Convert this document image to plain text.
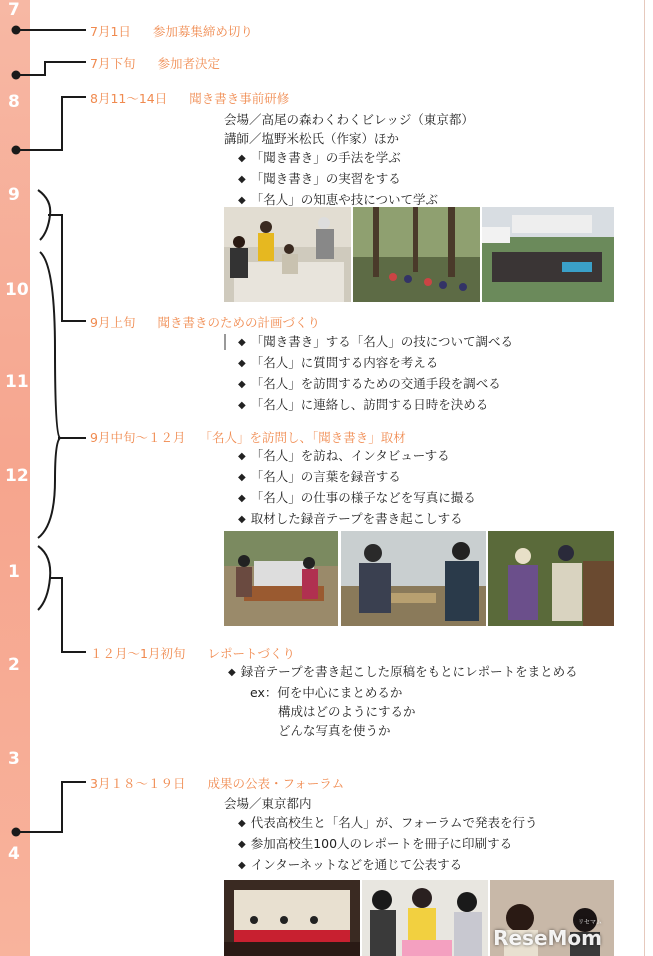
7
8
9
10
11
12
1
2
3
4
7月1日 参加募集締め切り
7月下旬 参加者決定
8月11〜14日 聞き書き事前研修
9月上旬 聞き書きのための計画づくり
9月中旬〜１２月 「名人」を訪問し、「聞き書き」取材
１２月〜1月初旬 レポートづくり
3月１８〜１９日 成果の公表・フォーラム
会場／高尾の森わくわくビレッジ（東京都）
講師／塩野米松氏（作家）ほか
◆ 「聞き書き」の手法を学ぶ
◆ 「聞き書き」の実習をする
◆ 「名人」の知恵や技について学ぶ
◆ 「聞き書き」する「名人」の技について調べる
◆ 「名人」に質問する内容を考える
◆ 「名人」を訪問するための交通手段を調べる
◆ 「名人」に連絡し、訪問する日時を決める
◆ 「名人」を訪ね、インタビューする
◆ 「名人」の言葉を録音する
◆ 「名人」の仕事の様子などを写真に撮る
◆ 取材した録音テープを書き起こしする
◆ 録音テープを書き起こした原稿をもとにレポートをまとめる
ex：何を中心にまとめるか
構成はどのようにするか
どんな写真を使うか
会場／東京都内
◆ 代表高校生と「名人」が、フォーラムで発表を行う
◆ 参加高校生100人のレポートを冊子に印刷する
◆ インターネットなどを通じて公表する
リセマム
ReseMom
